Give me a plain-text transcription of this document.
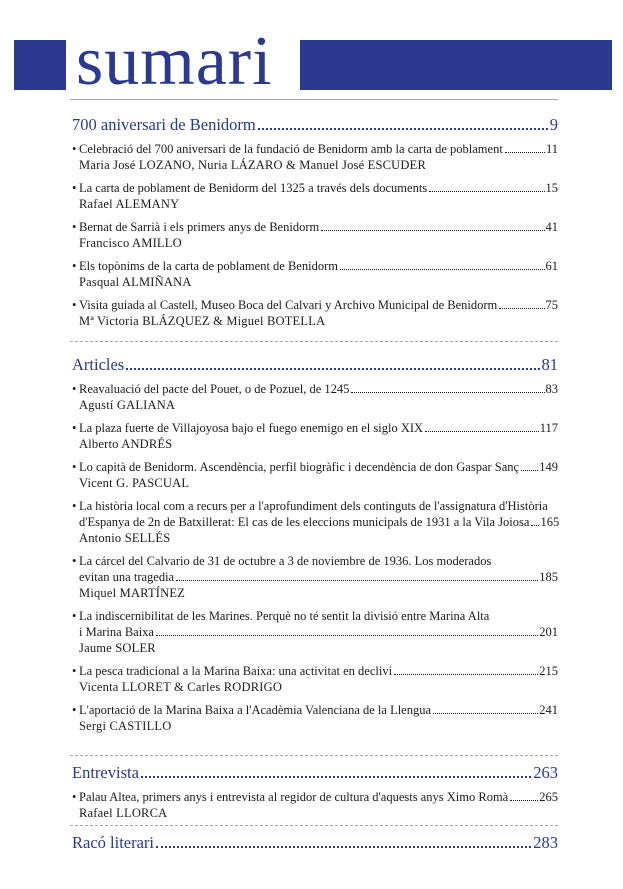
sumari
700 aniversari de Benidorm	9
• Celebració del 700 aniversari de la fundació de Benidorm amb la carta de poblament	11
Maria José LOZANO, Nuria LÁZARO & Manuel José ESCUDER
• La carta de poblament de Benidorm del 1325 a través dels documents	15
Rafael ALEMANY
• Bernat de Sarrià i els primers anys de Benidorm	41
Francisco AMILLO
• Els topònims de la carta de poblament de Benidorm	61
Pasqual ALMIÑANA
• Visita guiada al Castell, Museo Boca del Calvari y Archivo Municipal de Benidorm	75
Mª Victoria BLÁZQUEZ & Miguel BOTELLA
Articles	81
• Reavaluació del pacte del Pouet, o de Pozuel, de 1245	83
Agustí GALIANA
• La plaza fuerte de Villajoyosa bajo el fuego enemigo en el siglo XIX	117
Alberto ANDRÉS
• Lo capità de Benidorm. Ascendència, perfil biogràfic i decendència de don Gaspar Sanç 149
Vicent G. PASCUAL
• La història local com a recurs per a l'aprofundiment dels continguts de l'assignatura d'Història
d'Espanya de 2n de Batxillerat: El cas de les eleccions municipals de 1931 a la Vila Joiosa 165
Antonio SELLÉS
• La cárcel del Calvario de 31 de octubre a 3 de noviembre de 1936. Los moderados
evitan una tragedia	185
Miquel MARTÍNEZ
• La indiscernibilitat de les Marines. Perquè no té sentit la divisió entre Marina Alta
i Marina Baixa	201
Jaume SOLER
• La pesca tradicional a la Marina Baixa: una activitat en declivi	215
Vicenta LLORET & Carles RODRIGO
• L'aportació de la Marina Baixa a l'Acadèmia Valenciana de la Llengua	241
Sergi CASTILLO
Entrevista	263
• Palau Altea, primers anys i entrevista al regidor de cultura d'aquests anys Ximo Romà 265
Rafael LLORCA
Racó literari	283
